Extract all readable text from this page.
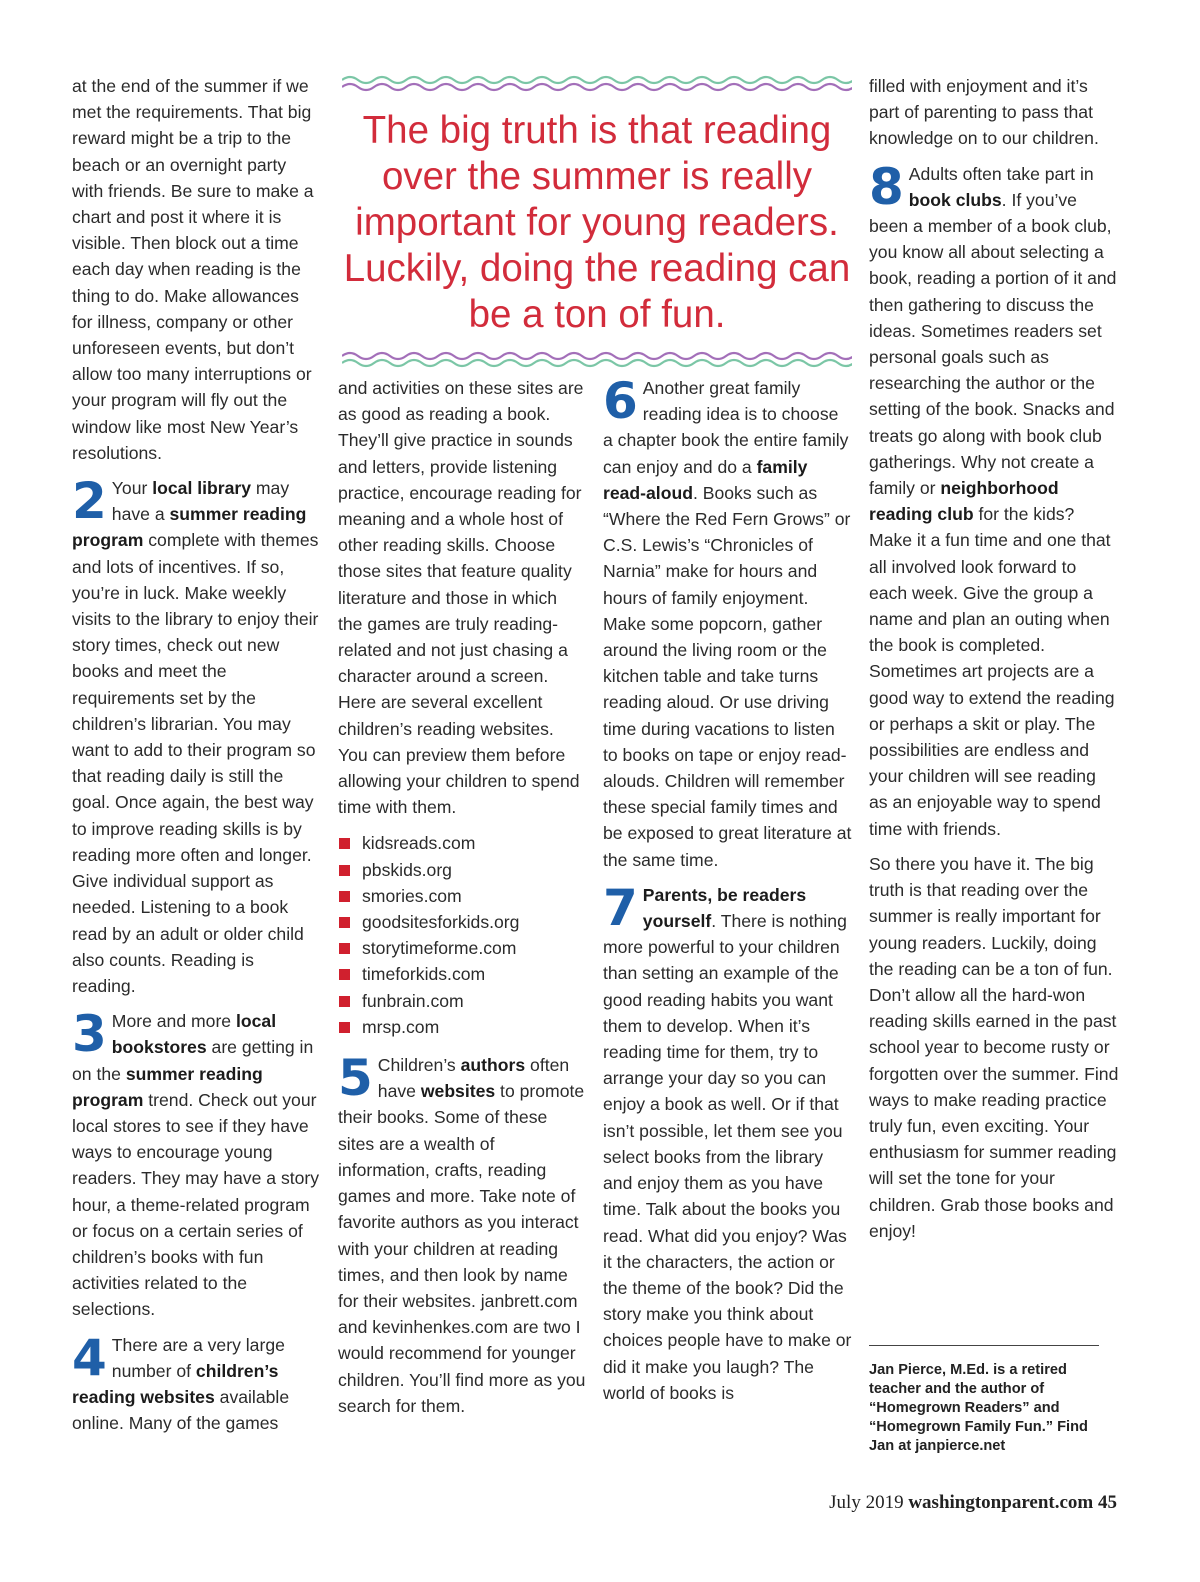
at the end of the summer if we met the requirements. That big reward might be a trip to the beach or an overnight party with friends. Be sure to make a chart and post it where it is visible. Then block out a time each day when reading is the thing to do. Make allowances for illness, company or other unforeseen events, but don’t allow too many interruptions or your program will fly out the window like most New Year’s resolutions.

2 Your local library may have a summer reading program complete with themes and lots of incentives. If so, you’re in luck. Make weekly visits to the library to enjoy their story times, check out new books and meet the requirements set by the children’s librarian. You may want to add to their program so that reading daily is still the goal. Once again, the best way to improve reading skills is by reading more often and longer. Give individual support as needed. Listening to a book read by an adult or older child also counts. Reading is reading.

3 More and more local bookstores are getting in on the summer reading program trend. Check out your local stores to see if they have ways to encourage young readers. They may have a story hour, a theme-related program or focus on a certain series of children’s books with fun activities related to the selections.

4 There are a very large number of children’s reading websites available online. Many of the games

The big truth is that reading over the summer is really important for young readers. Luckily, doing the reading can be a ton of fun.

and activities on these sites are as good as reading a book. They’ll give practice in sounds and letters, provide listening practice, encourage reading for meaning and a whole host of other reading skills. Choose those sites that feature quality literature and those in which the games are truly reading-related and not just chasing a character around a screen. Here are several excellent children’s reading websites. You can preview them before allowing your children to spend time with them.

kidsreads.com
pbskids.org
smories.com
goodsitesforkids.org
storytimeforme.com
timeforkids.com
funbrain.com
mrsp.com

5 Children’s authors often have websites to promote their books. Some of these sites are a wealth of information, crafts, reading games and more. Take note of favorite authors as you interact with your children at reading times, and then look by name for their websites. janbrett.com and kevinhenkes.com are two I would recommend for younger children. You’ll find more as you search for them.

6 Another great family reading idea is to choose a chapter book the entire family can enjoy and do a family read-aloud. Books such as “Where the Red Fern Grows” or C.S. Lewis’s “Chronicles of Narnia” make for hours and hours of family enjoyment. Make some popcorn, gather around the living room or the kitchen table and take turns reading aloud. Or use driving time during vacations to listen to books on tape or enjoy read-alouds. Children will remember these special family times and be exposed to great literature at the same time.

7 Parents, be readers yourself. There is nothing more powerful to your children than setting an example of the good reading habits you want them to develop. When it’s reading time for them, try to arrange your day so you can enjoy a book as well. Or if that isn’t possible, let them see you select books from the library and enjoy them as you have time. Talk about the books you read. What did you enjoy? Was it the characters, the action or the theme of the book? Did the story make you think about choices people have to make or did it make you laugh? The world of books is

filled with enjoyment and it’s part of parenting to pass that knowledge on to our children.

8 Adults often take part in book clubs. If you’ve been a member of a book club, you know all about selecting a book, reading a portion of it and then gathering to discuss the ideas. Sometimes readers set personal goals such as researching the author or the setting of the book. Snacks and treats go along with book club gatherings. Why not create a family or neighborhood reading club for the kids? Make it a fun time and one that all involved look forward to each week. Give the group a name and plan an outing when the book is completed. Sometimes art projects are a good way to extend the reading or perhaps a skit or play. The possibilities are endless and your children will see reading as an enjoyable way to spend time with friends.

So there you have it. The big truth is that reading over the summer is really important for young readers. Luckily, doing the reading can be a ton of fun. Don’t allow all the hard-won reading skills earned in the past school year to become rusty or forgotten over the summer. Find ways to make reading practice truly fun, even exciting. Your enthusiasm for summer reading will set the tone for your children. Grab those books and enjoy!

Jan Pierce, M.Ed. is a retired teacher and the author of “Homegrown Readers” and “Homegrown Family Fun.” Find Jan at janpierce.net
July 2019 washingtonparent.com 45
